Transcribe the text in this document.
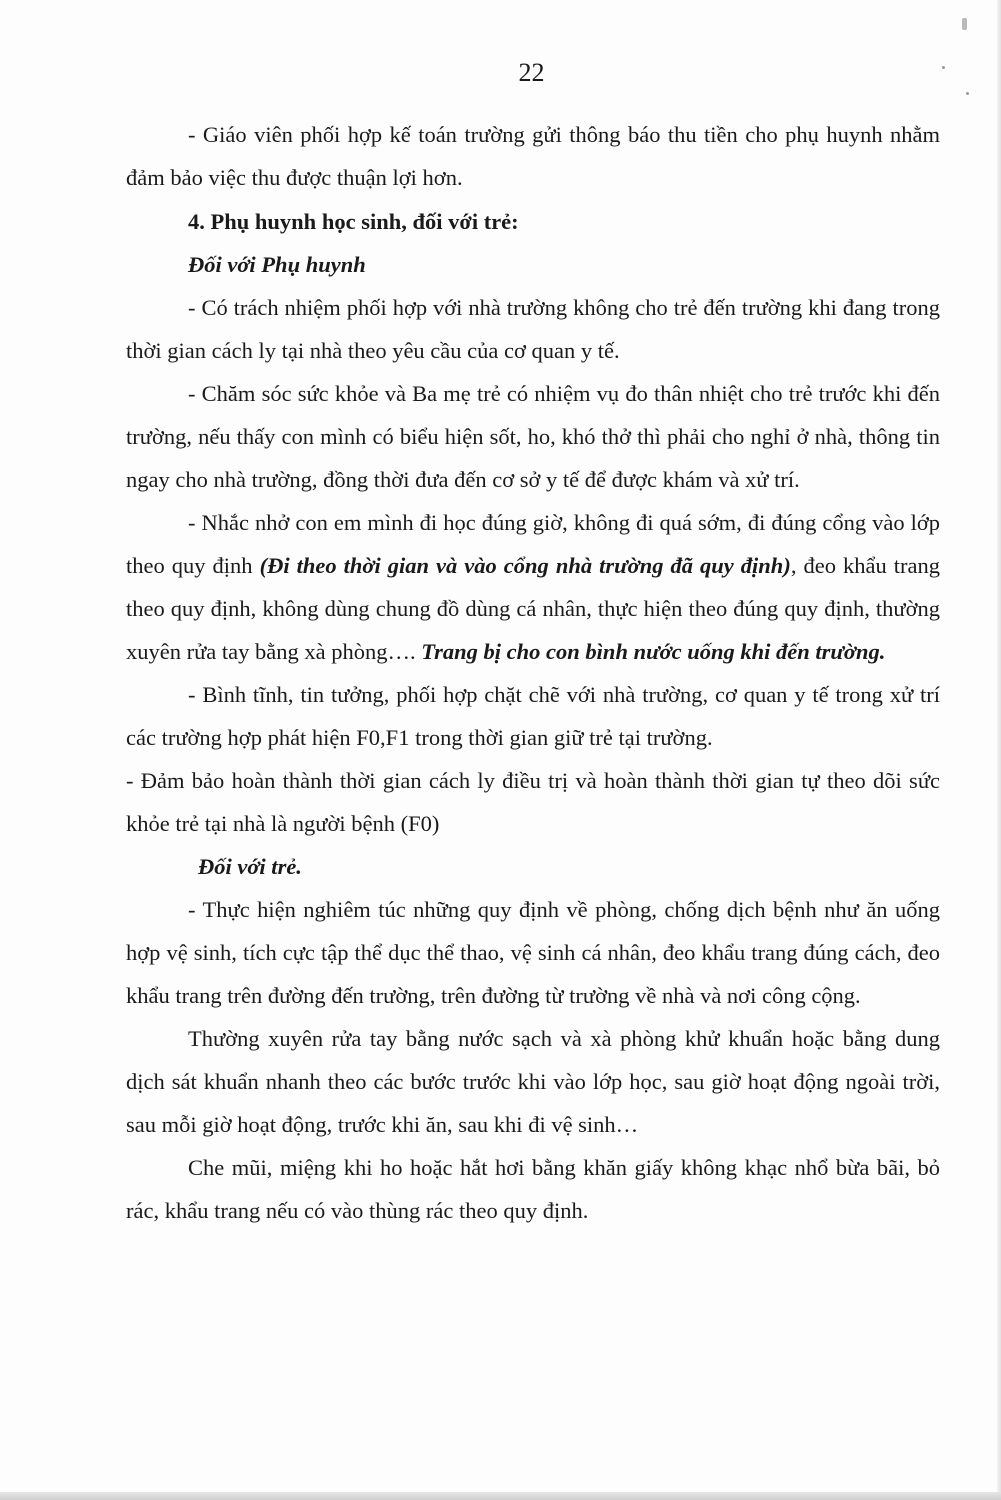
22

- Giáo viên phối hợp kế toán trường gửi thông báo thu tiền cho phụ huynh nhằm đảm bảo việc thu được thuận lợi hơn.

4. Phụ huynh học sinh, đối với trẻ:

Đối với Phụ huynh

- Có trách nhiệm phối hợp với nhà trường không cho trẻ đến trường khi đang trong thời gian cách ly tại nhà theo yêu cầu của cơ quan y tế.

- Chăm sóc sức khỏe và Ba mẹ trẻ có nhiệm vụ đo thân nhiệt cho trẻ trước khi đến trường, nếu thấy con mình có biểu hiện sốt, ho, khó thở thì phải cho nghỉ ở nhà, thông tin ngay cho nhà trường, đồng thời đưa đến cơ sở y tế để được khám và xử trí.

- Nhắc nhở con em mình đi học đúng giờ, không đi quá sớm, đi đúng cổng vào lớp theo quy định (Đi theo thời gian và vào cổng nhà trường đã quy định), đeo khẩu trang theo quy định, không dùng chung đồ dùng cá nhân, thực hiện theo đúng quy định, thường xuyên rửa tay bằng xà phòng…. Trang bị cho con bình nước uống khi đến trường.

- Bình tĩnh, tin tưởng, phối hợp chặt chẽ với nhà trường, cơ quan y tế trong xử trí các trường hợp phát hiện F0,F1 trong thời gian giữ trẻ tại trường.

- Đảm bảo hoàn thành thời gian cách ly điều trị và hoàn thành thời gian tự theo dõi sức khỏe trẻ tại nhà là người bệnh (F0)

Đối với trẻ.

- Thực hiện nghiêm túc những quy định về phòng, chống dịch bệnh như ăn uống hợp vệ sinh, tích cực tập thể dục thể thao, vệ sinh cá nhân, đeo khẩu trang đúng cách, đeo khẩu trang trên đường đến trường, trên đường từ trường về nhà và nơi công cộng.

Thường xuyên rửa tay bằng nước sạch và xà phòng khử khuẩn hoặc bằng dung dịch sát khuẩn nhanh theo các bước trước khi vào lớp học, sau giờ hoạt động ngoài trời, sau mỗi giờ hoạt động, trước khi ăn, sau khi đi vệ sinh…

Che mũi, miệng khi ho hoặc hắt hơi bằng khăn giấy không khạc nhổ bừa bãi, bỏ rác, khẩu trang nếu có vào thùng rác theo quy định.
